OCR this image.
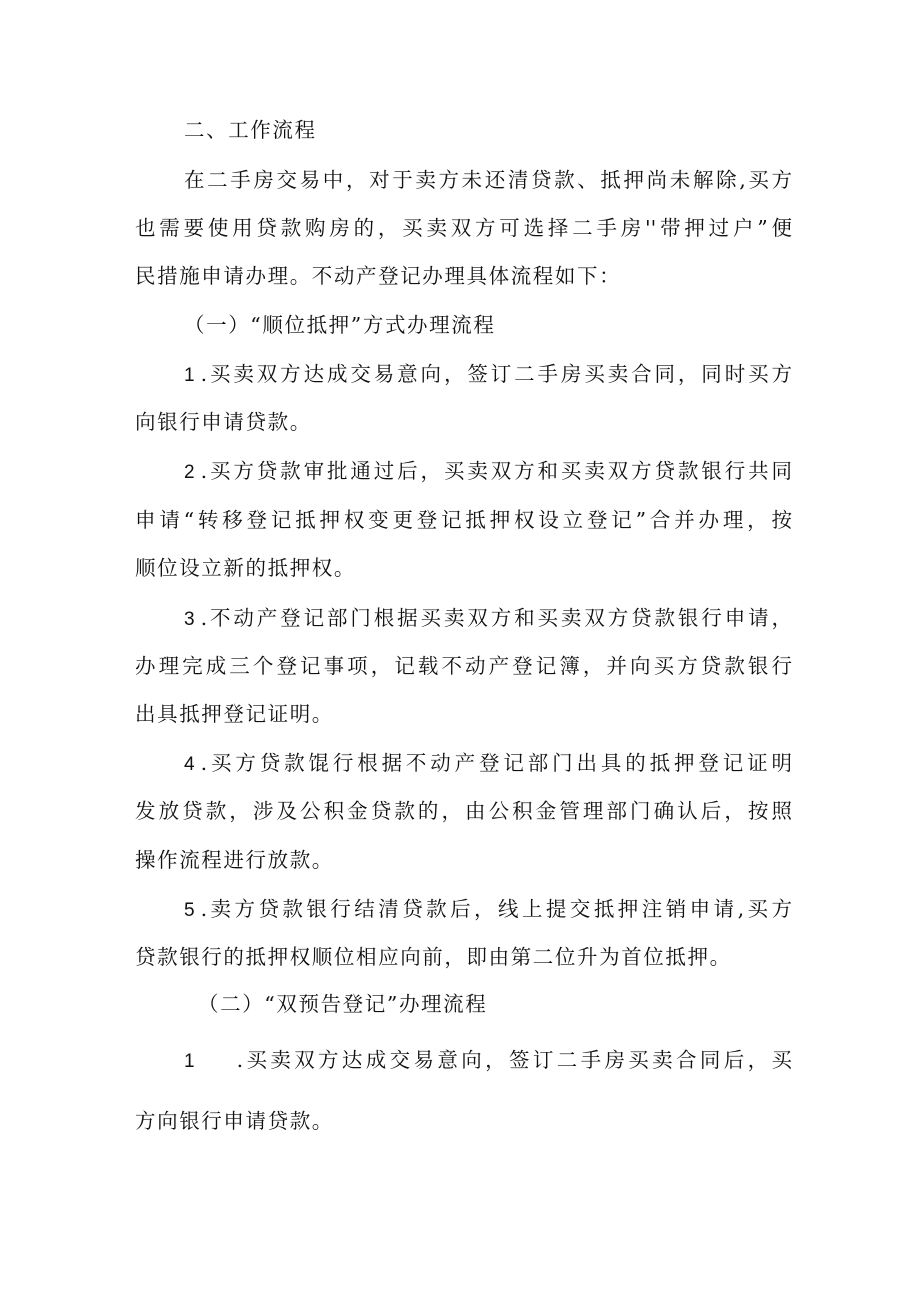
二、工作流程
在二手房交易中，对于卖方未还清贷款、抵押尚未解除,买方
也需要使用贷款购房的，买卖双方可选择二手房''带押过户”便
民措施申请办理。不动产登记办理具体流程如下：
（一）“顺位抵押”方式办理流程
1 .买卖双方达成交易意向，签订二手房买卖合同，同时买方
向银行申请贷款。
2 .买方贷款审批通过后，买卖双方和买卖双方贷款银行共同
申请“转移登记抵押权变更登记抵押权设立登记”合并办理，按
顺位设立新的抵押权。
3 .不动产登记部门根据买卖双方和买卖双方贷款银行申请，
办理完成三个登记事项，记载不动产登记簿，并向买方贷款银行
出具抵押登记证明。
4 .买方贷款馄行根据不动产登记部门出具的抵押登记证明
发放贷款，涉及公积金贷款的，由公积金管理部门确认后，按照
操作流程进行放款。
5 .卖方贷款银行结清贷款后，线上提交抵押注销申请,买方
贷款银行的抵押权顺位相应向前，即由第二位升为首位抵押。
（二）“双预告登记”办理流程
1 .买卖双方达成交易意向，签订二手房买卖合同后，买
方向银行申请贷款。
